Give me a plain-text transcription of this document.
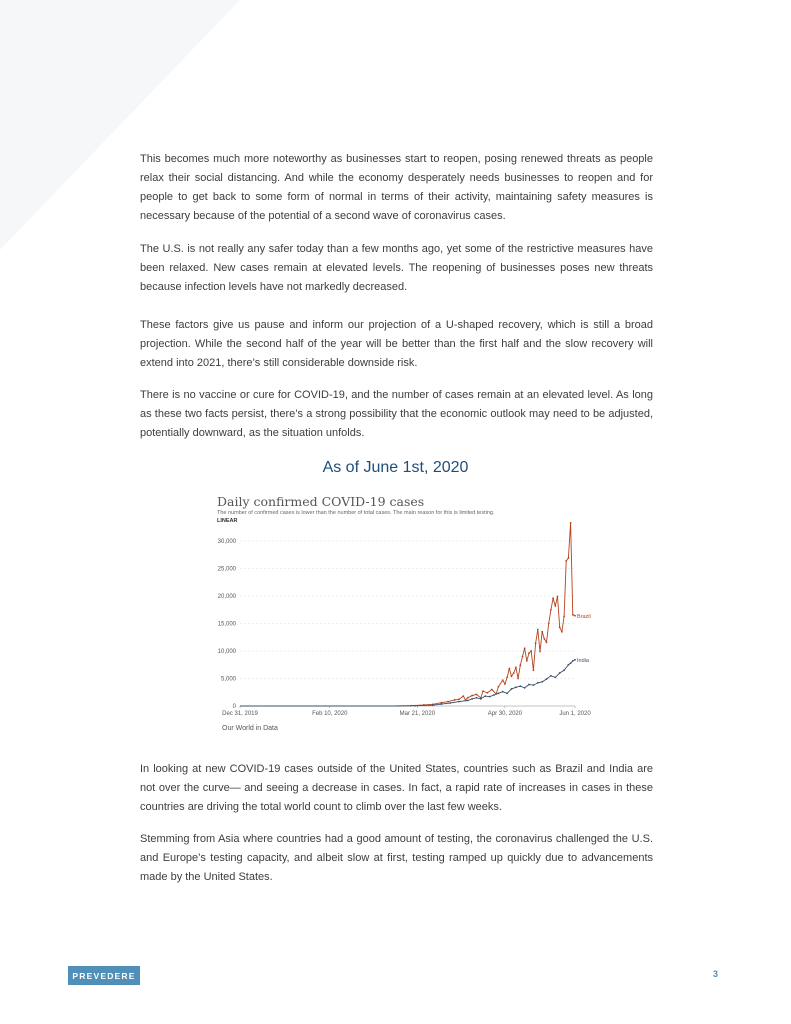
This becomes much more noteworthy as businesses start to reopen, posing renewed threats as people relax their social distancing. And while the economy desperately needs businesses to reopen and for people to get back to some form of normal in terms of their activity, maintaining safety measures is necessary because of the potential of a second wave of coronavirus cases.

The U.S. is not really any safer today than a few months ago, yet some of the restrictive measures have been relaxed. New cases remain at elevated levels. The reopening of businesses poses new threats because infection levels have not markedly decreased.

These factors give us pause and inform our projection of a U-shaped recovery, which is still a broad projection. While the second half of the year will be better than the first half and the slow recovery will extend into 2021, there’s still considerable downside risk.

There is no vaccine or cure for COVID-19, and the number of cases remain at an elevated level. As long as these two facts persist, there’s a strong possibility that the economic outlook may need to be adjusted, potentially downward, as the situation unfolds.

As of June 1st, 2020
0
5,000
10,000
15,000
20,000
25,000
30,000
Dec 31, 2019	Feb 10, 2020	Mar 21, 2020	Apr 30, 2020	Jun 1, 2020
Brazil
India
Daily confirmed COVID-19 cases
The number of confirmed cases is lower than the number of total cases. The main reason for this is limited testing.
LINEAR
Our World in Data

In looking at new COVID-19 cases outside of the United States, countries such as Brazil and India are not over the curve— and seeing a decrease in cases. In fact, a rapid rate of increases in cases in these countries are driving the total world count to climb over the last few weeks.

Stemming from Asia where countries had a good amount of testing, the coronavirus challenged the U.S. and Europe’s testing capacity, and albeit slow at first, testing ramped up quickly due to advancements made by the United States.

PREVEDERE	3
